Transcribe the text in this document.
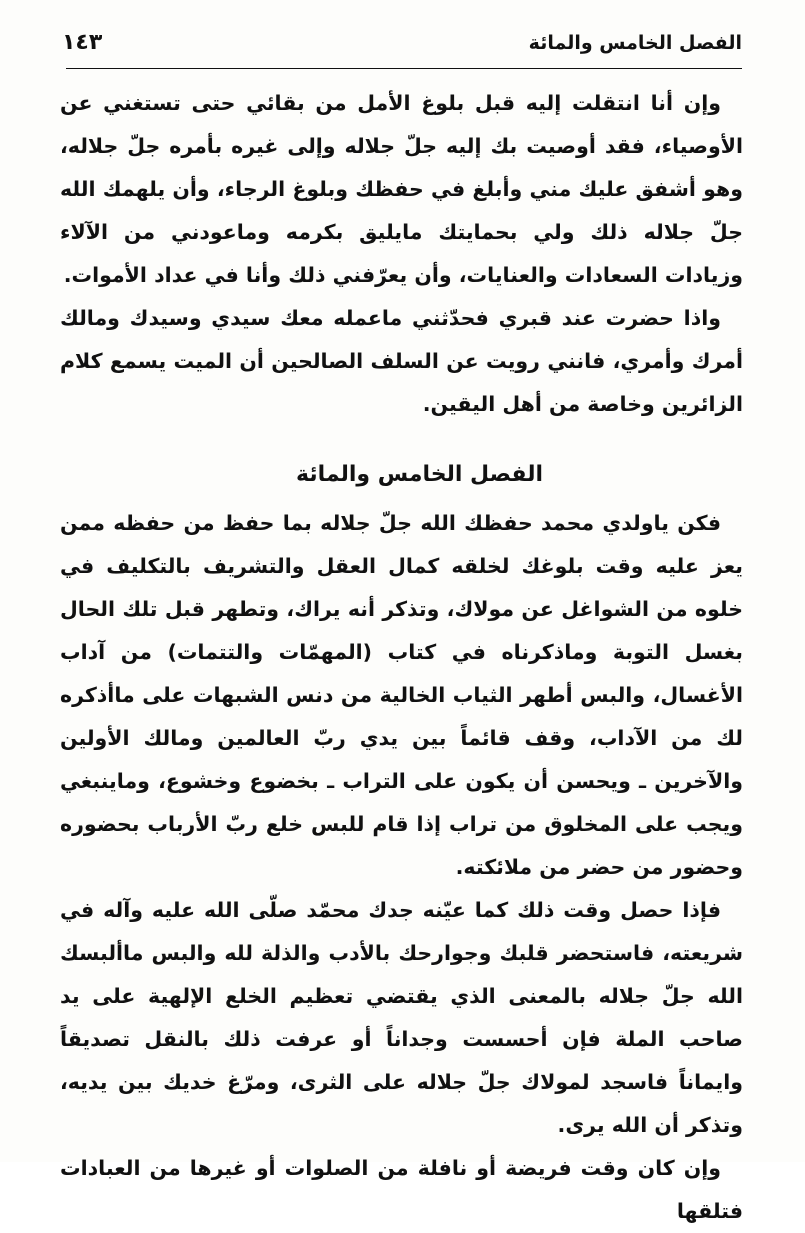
الفصل الخامس والمائة
١٤٣

وإن أنا انتقلت إليه قبل بلوغ الأمل من بقائي حتى تستغني عن الأوصياء، فقد أوصيت بك إليه جلّ جلاله وإلى غيره بأمره جلّ جلاله، وهو أشفق عليك مني وأبلغ في حفظك وبلوغ الرجاء، وأن يلهمك الله جلّ جلاله ذلك ولي بحمايتك مايليق بكرمه وماعودني من الآلاء وزيادات السعادات والعنايات، وأن يعرّفني ذلك وأنا في عداد الأموات.

واذا حضرت عند قبري فحدّثني ماعمله معك سيدي وسيدك ومالك أمرك وأمري، فانني رويت عن السلف الصالحين أن الميت يسمع كلام الزائرين وخاصة من أهل اليقين.

الفصل الخامس والمائة

فكن ياولدي محمد حفظك الله جلّ جلاله بما حفظ من حفظه ممن يعز عليه وقت بلوغك لخلقه كمال العقل والتشريف بالتكليف في خلوه من الشواغل عن مولاك، وتذكر أنه يراك، وتطهر قبل تلك الحال بغسل التوبة وماذكرناه في كتاب (المهمّات والتتمات) من آداب الأغسال، والبس أطهر الثياب الخالية من دنس الشبهات على ماأذكره لك من الآداب، وقف قائماً بين يدي ربّ العالمين ومالك الأولين والآخرين ـ ويحسن أن يكون على التراب ـ بخضوع وخشوع، وماينبغي ويجب على المخلوق من تراب إذا قام للبس خلع ربّ الأرباب بحضوره وحضور من حضر من ملائكته.

فإذا حصل وقت ذلك كما عيّنه جدك محمّد صلّى الله عليه وآله في شريعته، فاستحضر قلبك وجوارحك بالأدب والذلة لله والبس ماألبسك الله جلّ جلاله بالمعنى الذي يقتضي تعظيم الخلع الإلهية على يد صاحب الملة فإن أحسست وجداناً أو عرفت ذلك بالنقل تصديقاً وايماناً فاسجد لمولاك جلّ جلاله على الثرى، ومرّغ خديك بين يديه، وتذكر أن الله يرى.

وإن كان وقت فريضة أو نافلة من الصلوات أو غيرها من العبادات فتلقها
